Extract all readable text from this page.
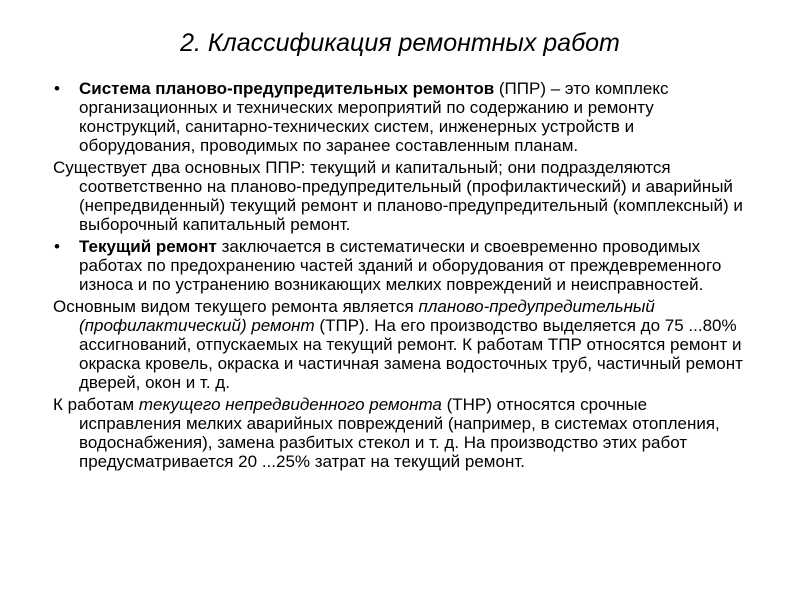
2. Классификация ремонтных работ
•	Система планово-предупредительных ремонтов (ППР) – это комплекс организационных и технических мероприятий по содержанию и ремонту конструкций, санитарно-технических систем, инженерных устройств и оборудования, проводимых по заранее составленным планам.
Существует два основных ППР: текущий и капитальный; они подразделяются соответственно на планово-предупредительный (профилактический) и аварийный (непредвиденный) текущий ремонт и планово-предупредительный (комплексный) и выборочный капитальный ремонт.
•	Текущий ремонт заключается в систематически и своевременно проводимых работах по предохранению частей зданий и оборудования от преждевременного износа и по устранению возникающих мелких повреждений и неисправностей.
Основным видом текущего ремонта является планово-предупредительный (профилактический) ремонт (ТПР). На его производство выделяется до 75 ...80% ассигнований, отпускаемых на текущий ремонт. К работам ТПР относятся ремонт и окраска кровель, окраска и частичная замена водосточных труб, частичный ремонт дверей, окон и т. д.
К работам текущего непредвиденного ремонта (ТНР) относятся срочные исправления мелких аварийных повреждений (например, в системах отопления, водоснабжения), замена разбитых стекол и т. д. На производство этих работ предусматривается 20 ...25% затрат на текущий ремонт.
